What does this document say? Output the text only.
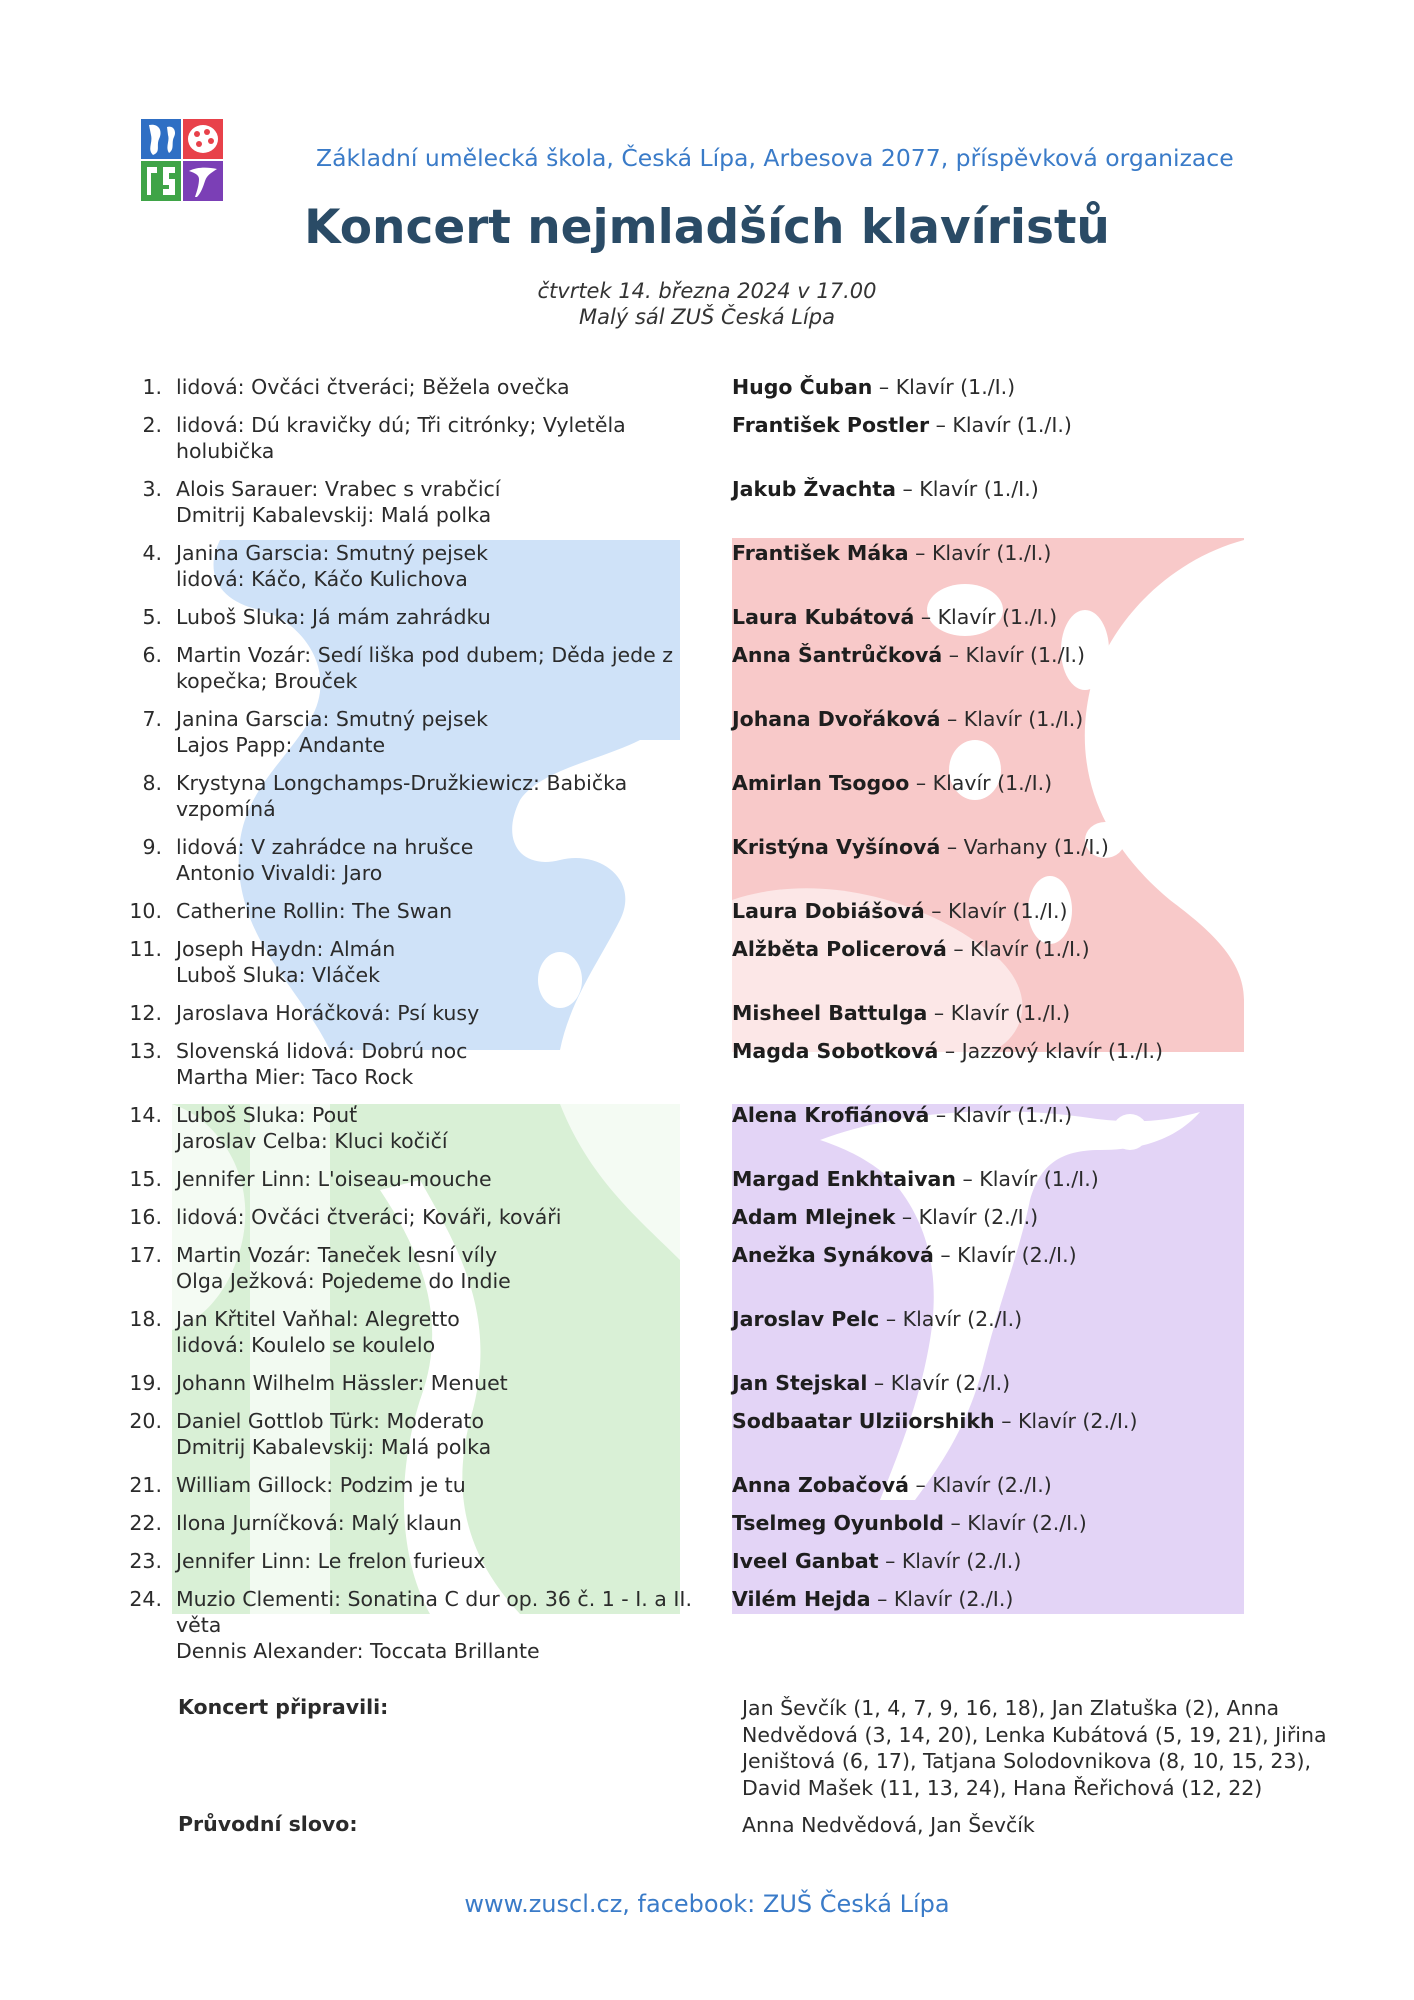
Základní umělecká škola, Česká Lípa, Arbesova 2077, příspěvková organizace
Koncert nejmladších klavíristů
čtvrtek 14. března 2024 v 17.00
Malý sál ZUŠ Česká Lípa
1. lidová: Ovčáci čtveráci; Běžela ovečka	Hugo Čuban – Klavír (1./I.)
2. lidová: Dú kravičky dú; Tři citrónky; Vyletěla
holubička
František Postler – Klavír (1./I.)
3. Alois Sarauer: Vrabec s vrabčicí
Dmitrij Kabalevskij: Malá polka
Jakub Žvachta – Klavír (1./I.)
4. Janina Garscia: Smutný pejsek
lidová: Káčo, Káčo Kulichova
František Máka – Klavír (1./I.)
5. Luboš Sluka: Já mám zahrádku	Laura Kubátová – Klavír (1./I.)
6. Martin Vozár: Sedí liška pod dubem; Děda jede z
kopečka; Brouček
Anna Šantrůčková – Klavír (1./I.)
7. Janina Garscia: Smutný pejsek
Lajos Papp: Andante
Johana Dvořáková – Klavír (1./I.)
8. Krystyna Longchamps-Družkiewicz: Babička
vzpomíná
Amirlan Tsogoo – Klavír (1./I.)
9. lidová: V zahrádce na hrušce
Antonio Vivaldi: Jaro
Kristýna Vyšínová – Varhany (1./I.)
10. Catherine Rollin: The Swan	Laura Dobiášová – Klavír (1./I.)
11. Joseph Haydn: Almán
Luboš Sluka: Vláček
Alžběta Policerová – Klavír (1./I.)
12. Jaroslava Horáčková: Psí kusy	Misheel Battulga – Klavír (1./I.)
13. Slovenská lidová: Dobrú noc
Martha Mier: Taco Rock
Magda Sobotková – Jazzový klavír (1./I.)
14. Luboš Sluka: Pouť
Jaroslav Celba: Kluci kočičí
Alena Krofiánová – Klavír (1./I.)
15. Jennifer Linn: L'oiseau-mouche	Margad Enkhtaivan – Klavír (1./I.)
16. lidová: Ovčáci čtveráci; Kováři, kováři	Adam Mlejnek – Klavír (2./I.)
17. Martin Vozár: Taneček lesní víly
Olga Ježková: Pojedeme do Indie
Anežka Synáková – Klavír (2./I.)
18. Jan Křtitel Vaňhal: Alegretto
lidová: Koulelo se koulelo
Jaroslav Pelc – Klavír (2./I.)
19. Johann Wilhelm Hässler: Menuet	Jan Stejskal – Klavír (2./I.)
20. Daniel Gottlob Türk: Moderato
Dmitrij Kabalevskij: Malá polka
Sodbaatar Ulziiorshikh – Klavír (2./I.)
21. William Gillock: Podzim je tu	Anna Zobačová – Klavír (2./I.)
22. Ilona Jurníčková: Malý klaun	Tselmeg Oyunbold – Klavír (2./I.)
23. Jennifer Linn: Le frelon furieux	Iveel Ganbat – Klavír (2./I.)
24. Muzio Clementi: Sonatina C dur op. 36 č. 1 - I. a II.
věta
Dennis Alexander: Toccata Brillante
Vilém Hejda – Klavír (2./I.)
Koncert připravili:	Jan Ševčík (1, 4, 7, 9, 16, 18), Jan Zlatuška (2), Anna
Nedvědová (3, 14, 20), Lenka Kubátová (5, 19, 21), Jiřina
Jeništová (6, 17), Tatjana Solodovnikova (8, 10, 15, 23),
David Mašek (11, 13, 24), Hana Řeřichová (12, 22)
Průvodní slovo:	Anna Nedvědová, Jan Ševčík
www.zuscl.cz, facebook: ZUŠ Česká Lípa
